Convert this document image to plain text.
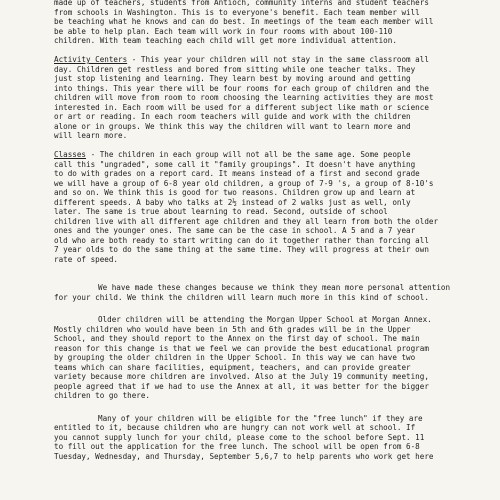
made up of teachers, students from Antioch, community interns and student teachers
from schools in Washington. This is to everyone's benefit. Each team member will
be teaching what he knows and can do best. In meetings of the team each member will
be able to help plan. Each team will work in four rooms with about 100-110
children. With team teaching each child will get more individual attention.
Activity Centers - This year your children will not stay in the same classroom all
day. Children get restless and bored from sitting while one teacher talks. They
just stop listening and learning. They learn best by moving around and getting
into things. This year there will be four rooms for each group of children and the
children will move from room to room choosing the learning activities they are most
interested in. Each room will be used for a different subject like math or science
or art or reading. In each room teachers will guide and work with the children
alone or in groups. We think this way the children will want to learn more and
will learn more.
Classes - The children in each group will not all be the same age. Some people
call this "ungraded", some call it "family groupings". It doesn't have anything
to do with grades on a report card. It means instead of a first and second grade
we will have a group of 6-8 year old children, a group of 7-9 's, a group of 8-10's
and so on. We think this is good for two reasons. Children grow up and learn at
different speeds. A baby who talks at 2½ instead of 2 walks just as well, only
later. The same is true about learning to read. Second, outside of school
children live with all different age children and they all learn from both the older
ones and the younger ones. The same can be the case in school. A 5 and a 7 year
old who are both ready to start writing can do it together rather than forcing all
7 year olds to do the same thing at the same time. They will progress at their own
rate of speed.
We have made these changes because we think they mean more personal attention
for your child. We think the children will learn much more in this kind of school.
Older children will be attending the Morgan Upper School at Morgan Annex.
Mostly children who would have been in 5th and 6th grades will be in the Upper
School, and they should report to the Annex on the first day of school. The main
reason for this change is that we feel we can provide the best educational program
by grouping the older children in the Upper School. In this way we can have two
teams which can share facilities, equipment, teachers, and can provide greater
variety because more children are involved. Also at the July 19 community meeting,
people agreed that if we had to use the Annex at all, it was better for the bigger
children to go there.
Many of your children will be eligible for the "free lunch" if they are
entitled to it, because children who are hungry can not work well at school. If
you cannot supply lunch for your child, please come to the school before Sept. 11
to fill out the application for the free lunch. The school will be open from 6-8
Tuesday, Wednesday, and Thursday, September 5,6,7 to help parents who work get here
